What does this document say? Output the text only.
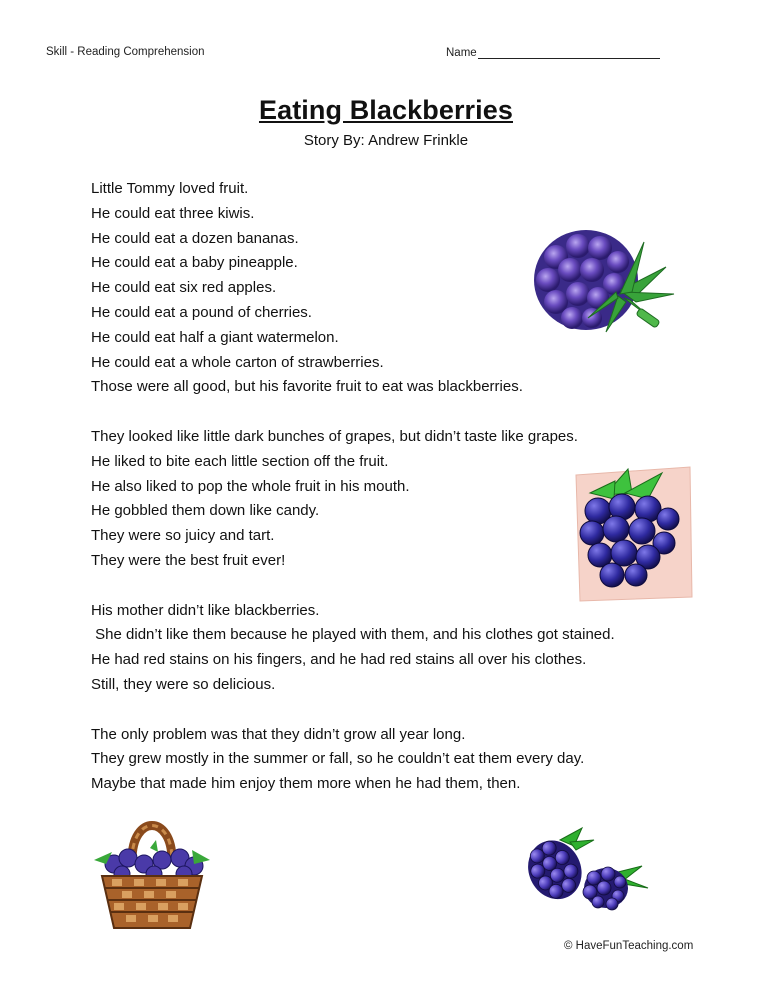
Skill - Reading Comprehension	Name
Eating Blackberries
Story By: Andrew Frinkle
Little Tommy loved fruit.
He could eat three kiwis.
He could eat a dozen bananas.
He could eat a baby pineapple.
He could eat six red apples.
He could eat a pound of cherries.
He could eat half a giant watermelon.
He could eat a whole carton of strawberries.
Those were all good, but his favorite fruit to eat was blackberries.
They looked like little dark bunches of grapes, but didn’t taste like grapes.
He liked to bite each little section off the fruit.
He also liked to pop the whole fruit in his mouth.
He gobbled them down like candy.
They were so juicy and tart.
They were the best fruit ever!
His mother didn’t like blackberries.
She didn’t like them because he played with them, and his clothes got stained.
He had red stains on his fingers, and he had red stains all over his clothes.
Still, they were so delicious.
The only problem was that they didn’t grow all year long.
They grew mostly in the summer or fall, so he couldn’t eat them every day.
Maybe that made him enjoy them more when he had them, then.
© HaveFunTeaching.com
